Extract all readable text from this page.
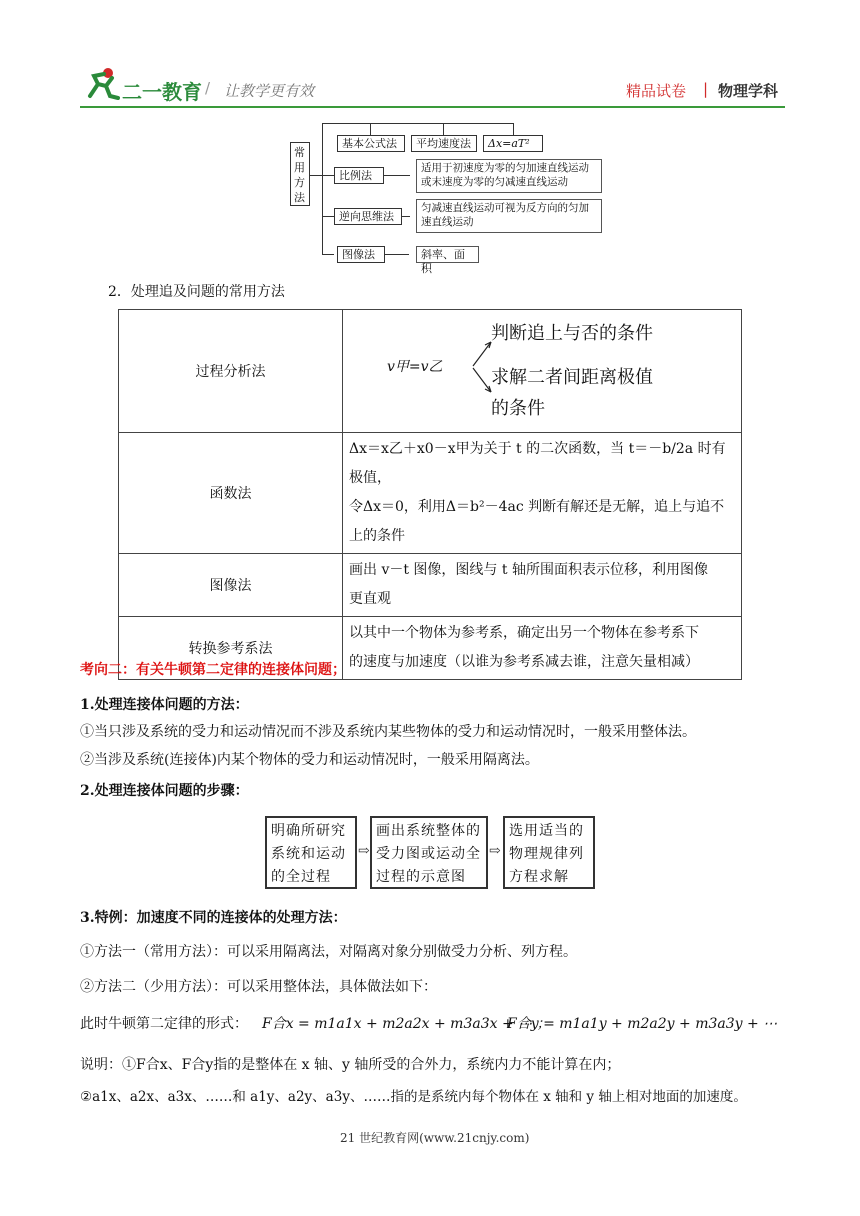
二一教育 / 让教学更有效	精品试卷 | 物理学科
常用方法
基本公式法	平均速度法	Δx=aT²
比例法
适用于初速度为零的匀加速直线运动
或末速度为零的匀减速直线运动
逆向思维法
匀减速直线运动可视为反方向的匀加
速直线运动
图像法	斜率、面积
2．处理追及问题的常用方法
过程分析法	v甲=v乙
判断追上与否的条件
求解二者间距离极值
的条件

函数法	Δx＝x乙＋x0－x甲为关于 t 的二次函数，当 t＝－b/2a 时有极值，
令Δx＝0，利用Δ＝b²－4ac 判断有解还是无解，追上与追不
上的条件

图像法	画出 v－t 图像，图线与 t 轴所围面积表示位移，利用图像
更直观

转换参考系法	以其中一个物体为参考系，确定出另一个物体在参考系下
的速度与加速度（以谁为参考系减去谁，注意矢量相减）
考向二：有关牛顿第二定律的连接体问题；
1.处理连接体问题的方法：
①当只涉及系统的受力和运动情况而不涉及系统内某些物体的受力和运动情况时，一般采用整体法。
②当涉及系统(连接体)内某个物体的受力和运动情况时，一般采用隔离法。
2.处理连接体问题的步骤：
明确所研究
系统和运动
的全过程
⇨
画出系统整体的
受力图或运动全
过程的示意图
⇨
选用适当的
物理规律列
方程求解
3.特例：加速度不同的连接体的处理方法：
①方法一（常用方法）：可以采用隔离法，对隔离对象分别做受力分析、列方程。
②方法二（少用方法）：可以采用整体法，具体做法如下：
此时牛顿第二定律的形式： F合x = m1a1x + m2a2x + m3a3x + ⋯ ；
F合y = m1a1y + m2a2y + m3a3y + ⋯
说明：①F合x、F合y指的是整体在 x 轴、y 轴所受的合外力，系统内力不能计算在内；
②a1x、a2x、a3x、……和 a1y、a2y、a3y、……指的是系统内每个物体在 x 轴和 y 轴上相对地面的加速度。
21 世纪教育网(www.21cnjy.com)
